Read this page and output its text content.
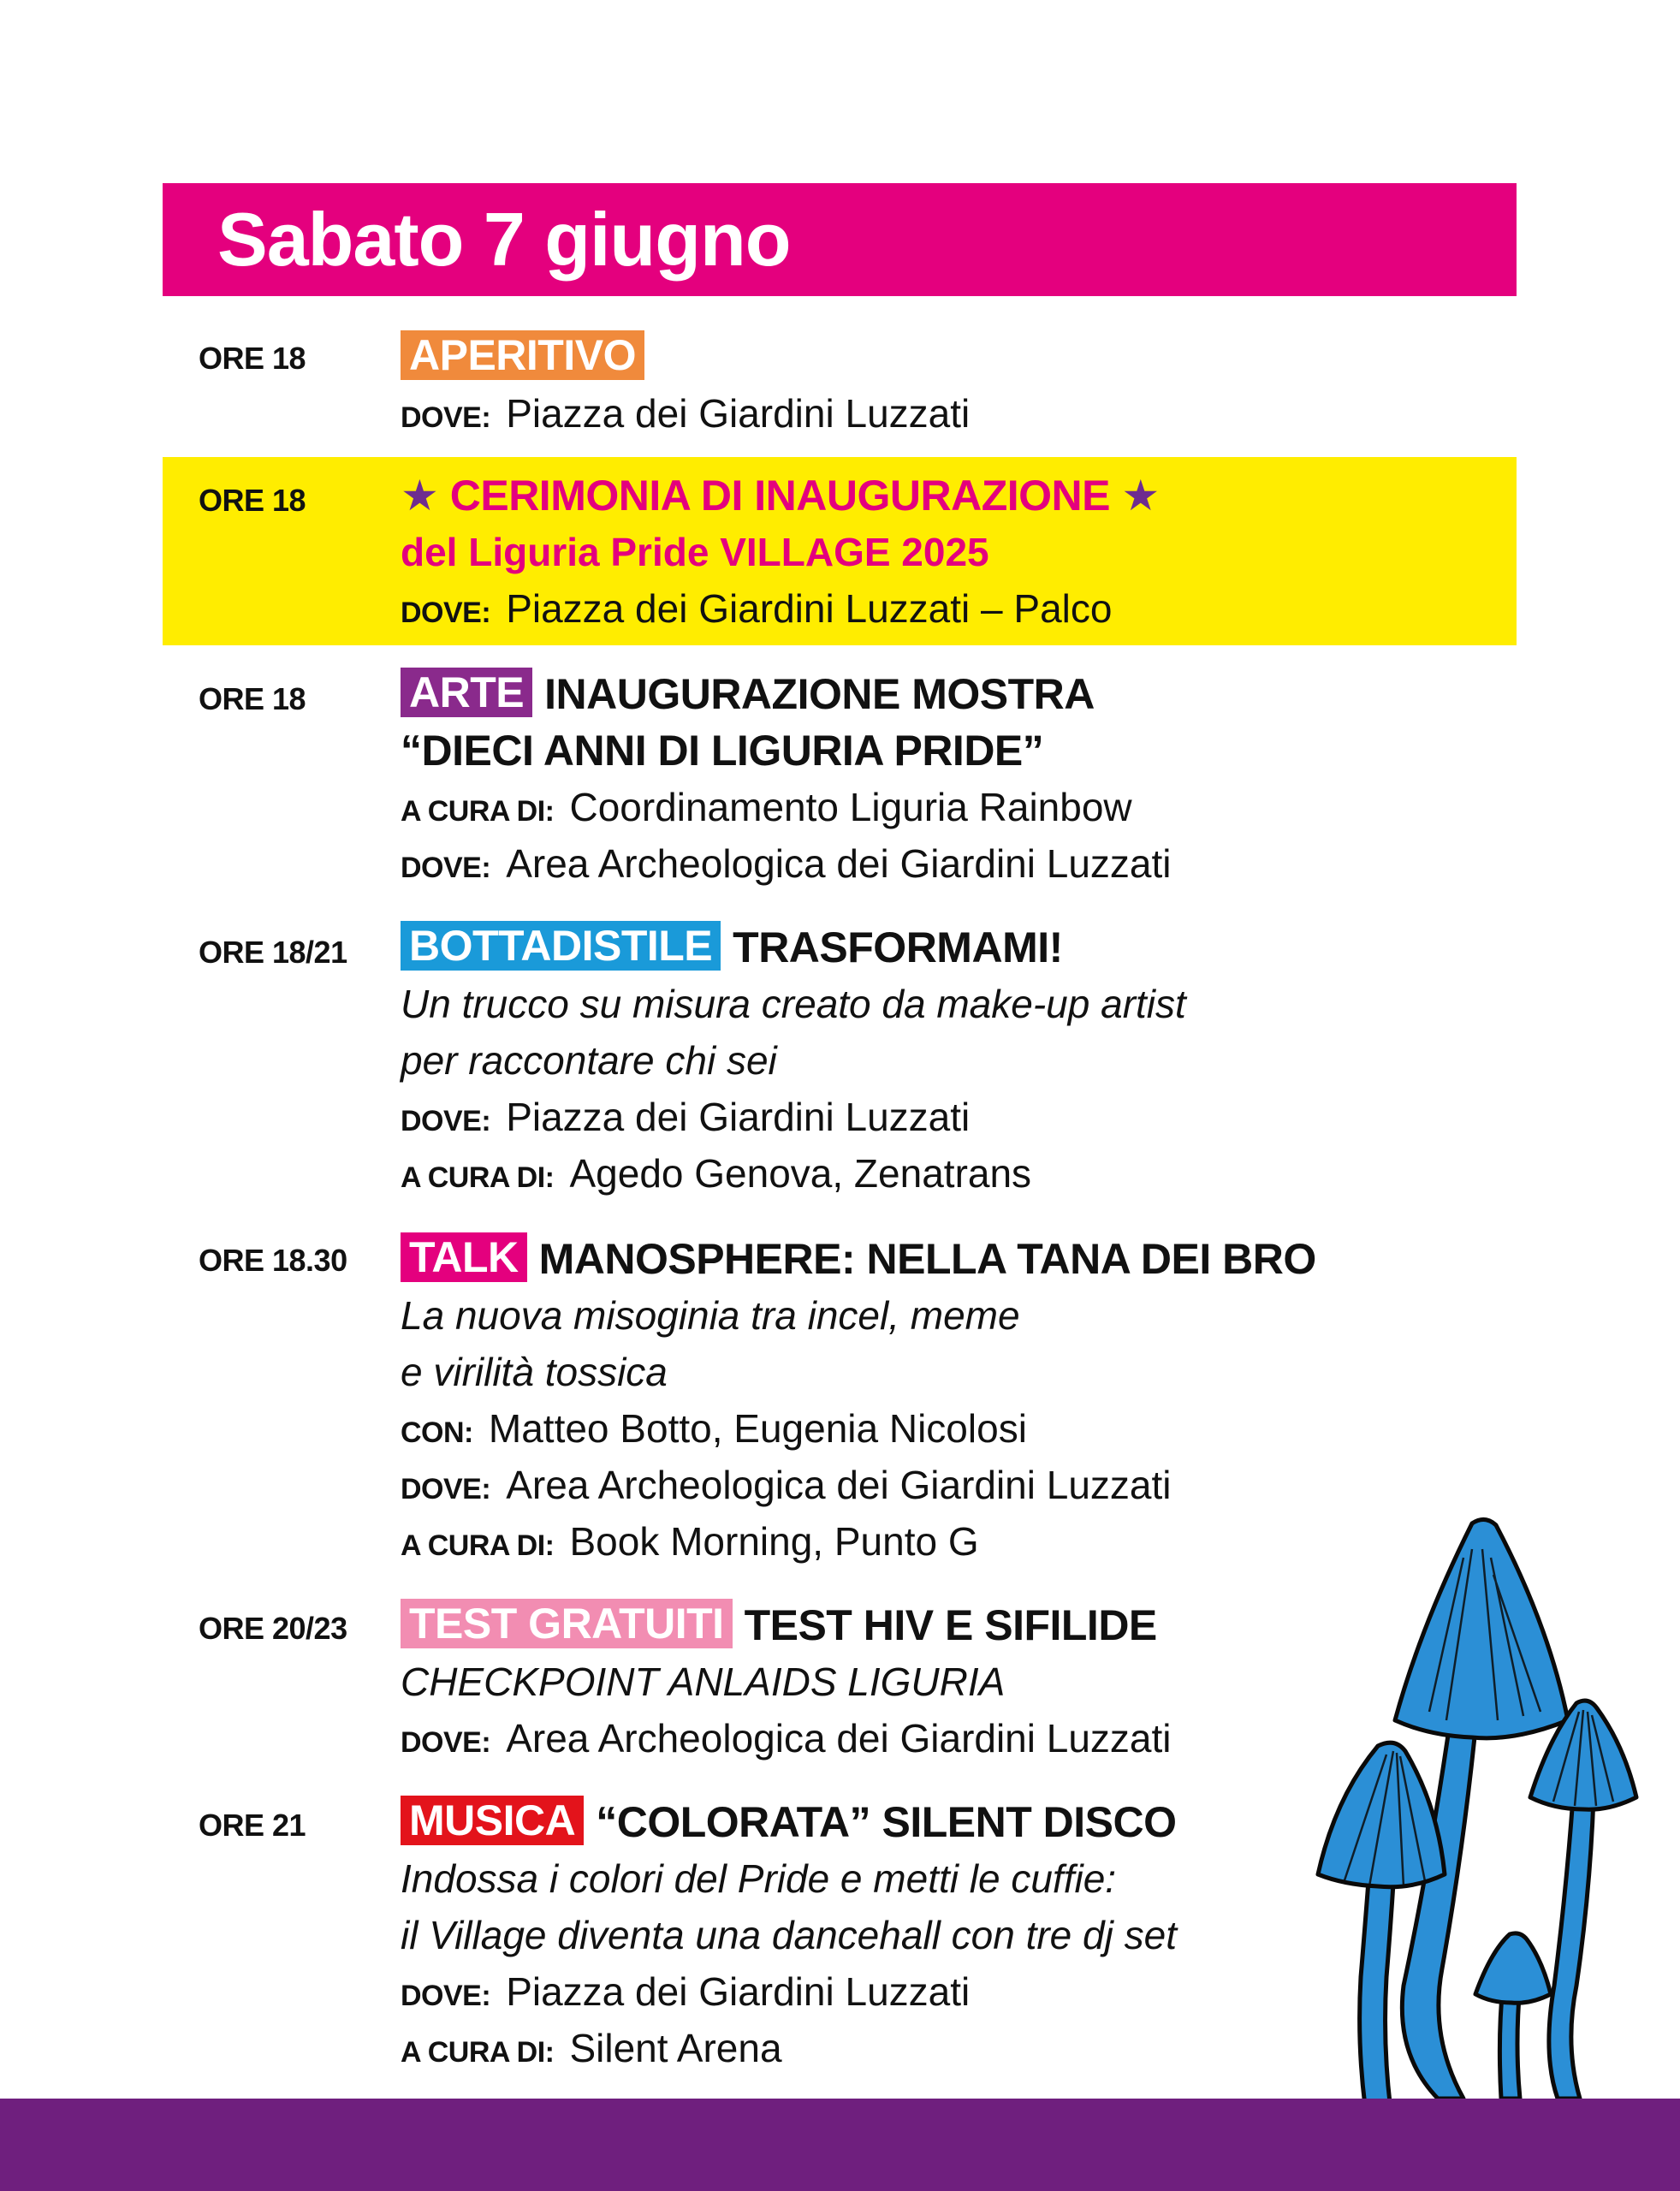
Sabato 7 giugno
ORE 18 APERITIVO
DOVE: Piazza dei Giardini Luzzati
ORE 18 ★ CERIMONIA DI INAUGURAZIONE ★
del Liguria Pride VILLAGE 2025
DOVE: Piazza dei Giardini Luzzati – Palco
ORE 18 ARTE INAUGURAZIONE MOSTRA
“DIECI ANNI DI LIGURIA PRIDE”
A CURA DI: Coordinamento Liguria Rainbow
DOVE: Area Archeologica dei Giardini Luzzati
ORE 18/21 BOTTADISTILE TRASFORMAMI!
Un trucco su misura creato da make-up artist
per raccontare chi sei
DOVE: Piazza dei Giardini Luzzati
A CURA DI: Agedo Genova, Zenatrans
ORE 18.30 TALK MANOSPHERE: NELLA TANA DEI BRO
La nuova misoginia tra incel, meme
e virilità tossica
CON: Matteo Botto, Eugenia Nicolosi
DOVE: Area Archeologica dei Giardini Luzzati
A CURA DI: Book Morning, Punto G
ORE 20/23 TEST GRATUITI TEST HIV E SIFILIDE
CHECKPOINT ANLAIDS LIGURIA
DOVE: Area Archeologica dei Giardini Luzzati
ORE 21 MUSICA “COLORATA” SILENT DISCO
Indossa i colori del Pride e metti le cuffie:
il Village diventa una dancehall con tre dj set
DOVE: Piazza dei Giardini Luzzati
A CURA DI: Silent Arena
